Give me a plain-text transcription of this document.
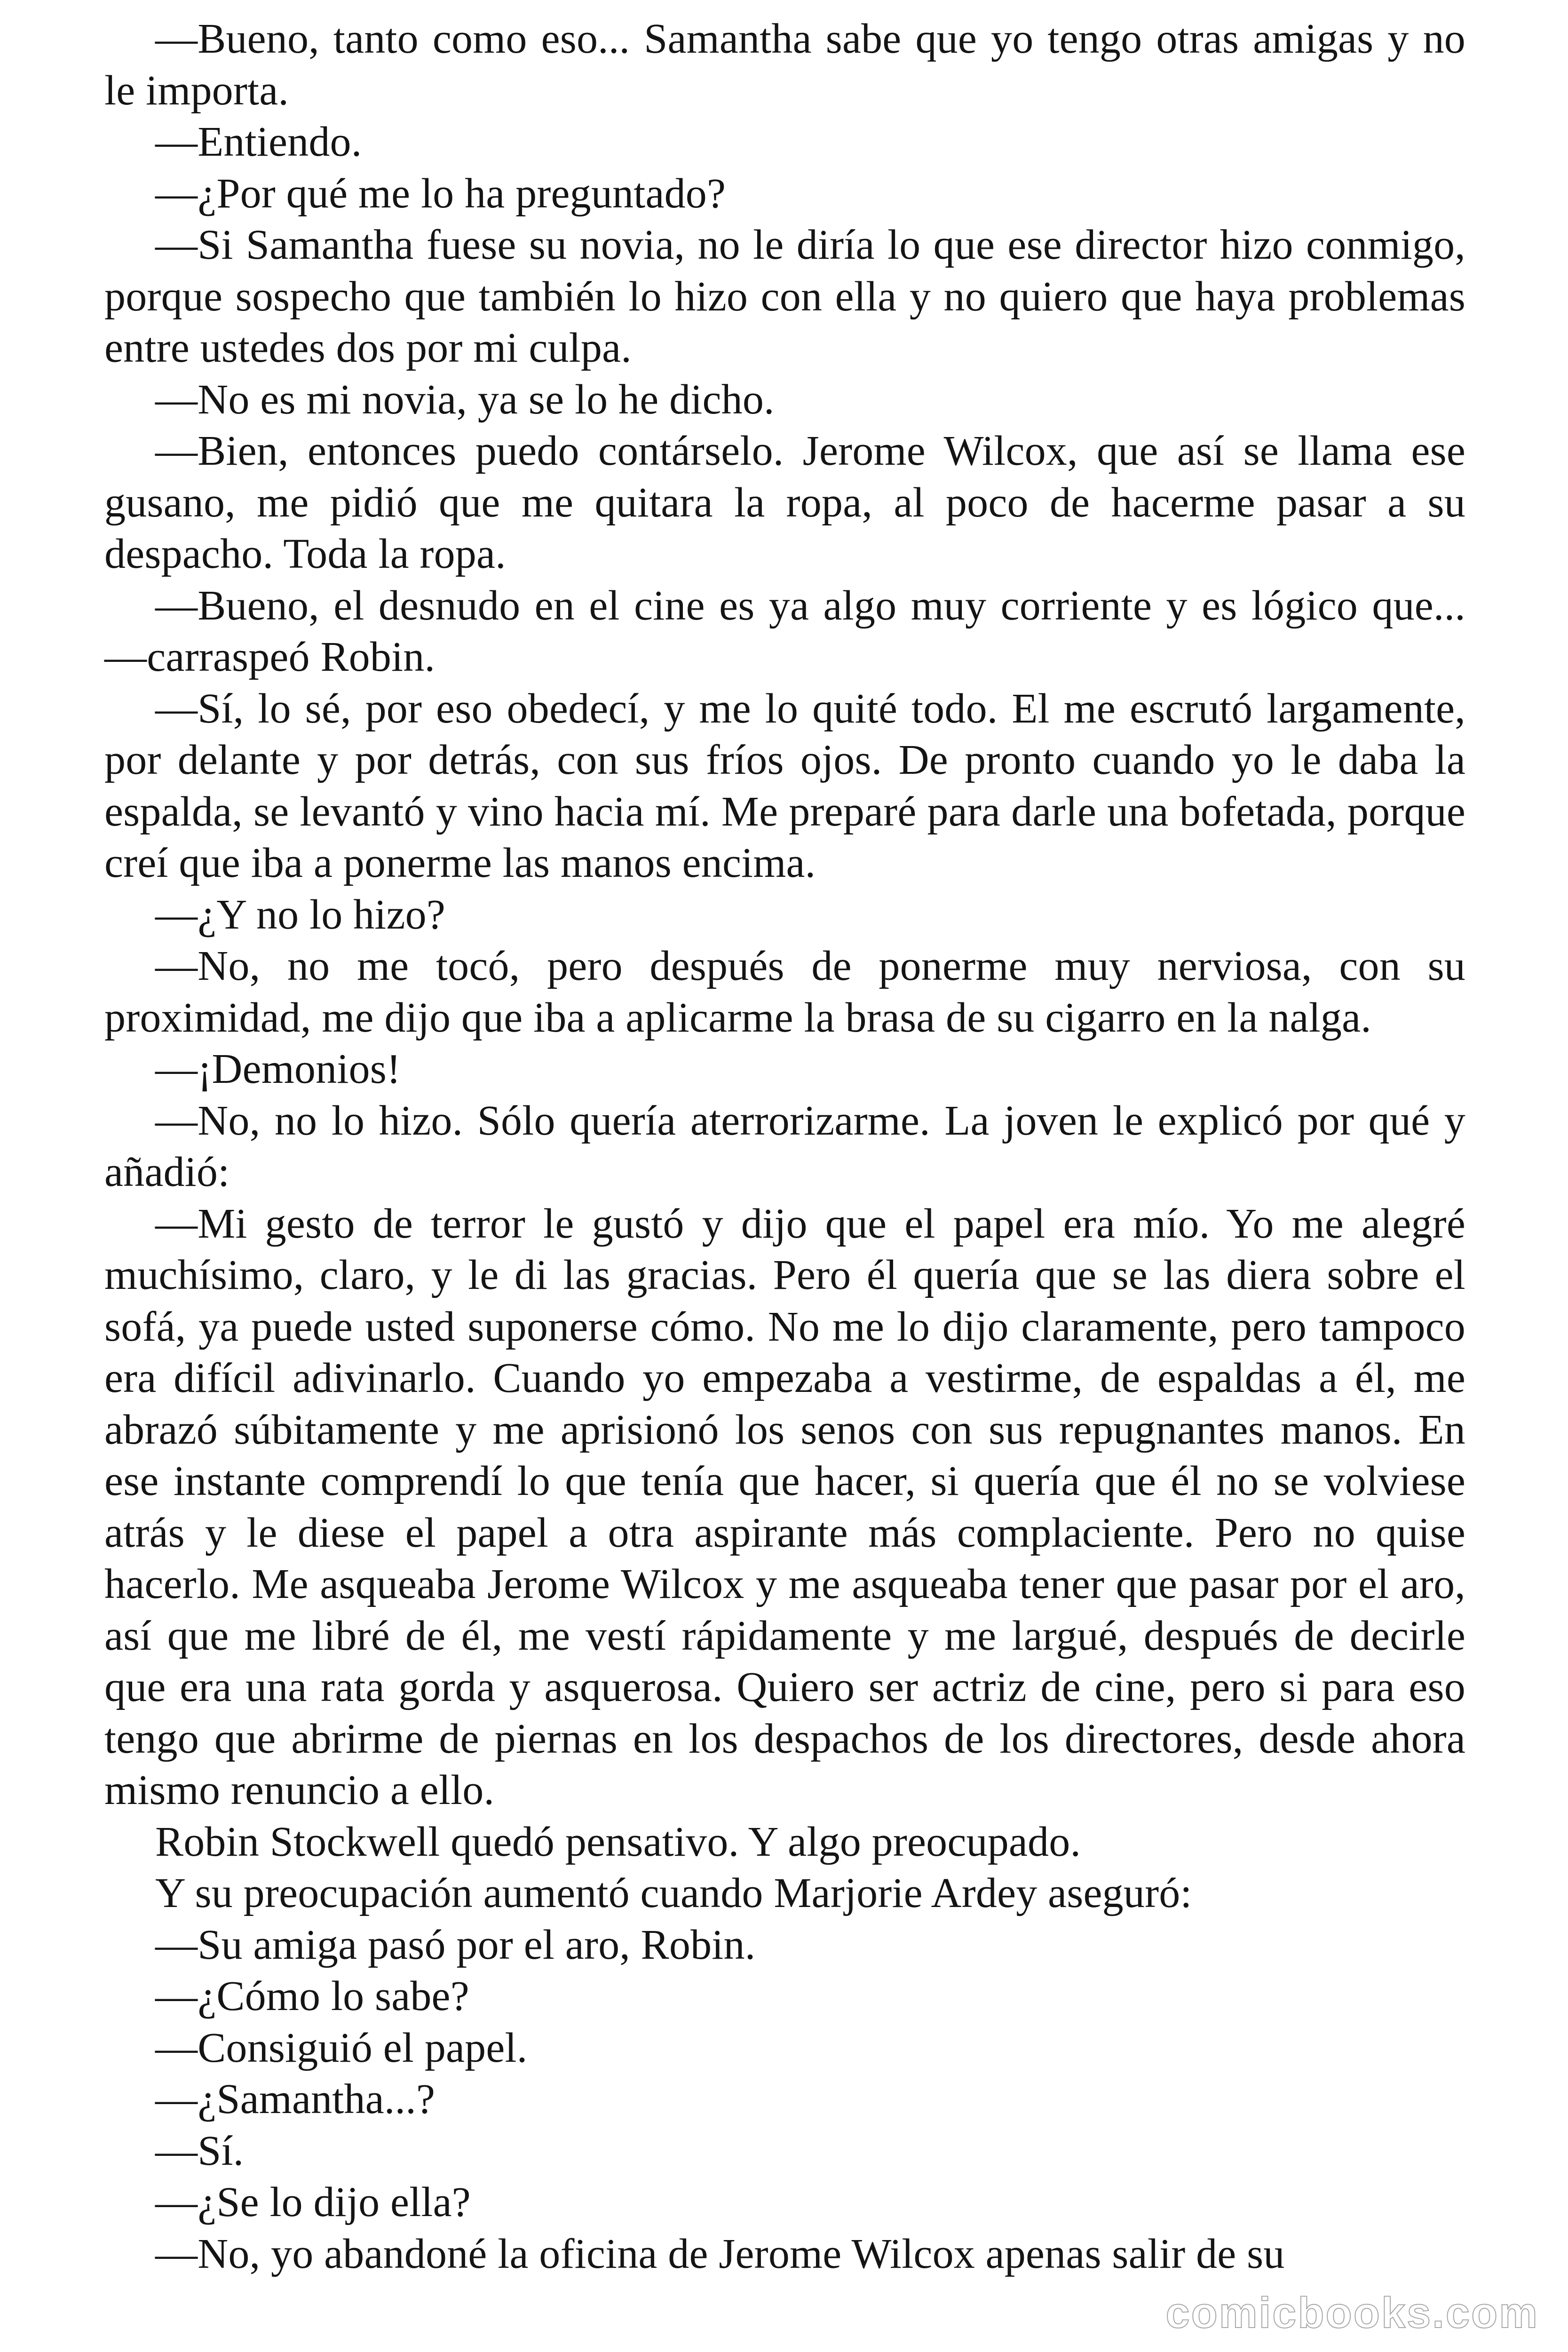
—Bueno, tanto como eso... Samantha sabe que yo tengo otras amigas y no le importa.

—Entiendo.

—¿Por qué me lo ha preguntado?

—Si Samantha fuese su novia, no le diría lo que ese director hizo conmigo, porque sospecho que también lo hizo con ella y no quiero que haya problemas entre ustedes dos por mi culpa.

—No es mi novia, ya se lo he dicho.

—Bien, entonces puedo contárselo. Jerome Wilcox, que así se llama ese gusano, me pidió que me quitara la ropa, al poco de hacerme pasar a su despacho. Toda la ropa.

—Bueno, el desnudo en el cine es ya algo muy corriente y es lógico que... —carraspeó Robin.

—Sí, lo sé, por eso obedecí, y me lo quité todo. El me escrutó largamente, por delante y por detrás, con sus fríos ojos. De pronto cuando yo le daba la espalda, se levantó y vino hacia mí. Me preparé para darle una bofetada, porque creí que iba a ponerme las manos encima.

—¿Y no lo hizo?

—No, no me tocó, pero después de ponerme muy nerviosa, con su proximidad, me dijo que iba a aplicarme la brasa de su cigarro en la nalga.

—¡Demonios!

—No, no lo hizo. Sólo quería aterrorizarme. La joven le explicó por qué y añadió:

—Mi gesto de terror le gustó y dijo que el papel era mío. Yo me alegré muchísimo, claro, y le di las gracias. Pero él quería que se las diera sobre el sofá, ya puede usted suponerse cómo. No me lo dijo claramente, pero tampoco era difícil adivinarlo. Cuando yo empezaba a vestirme, de espaldas a él, me abrazó súbitamente y me aprisionó los senos con sus repugnantes manos. En ese instante comprendí lo que tenía que hacer, si quería que él no se volviese atrás y le diese el papel a otra aspirante más complaciente. Pero no quise hacerlo. Me asqueaba Jerome Wilcox y me asqueaba tener que pasar por el aro, así que me libré de él, me vestí rápidamente y me largué, después de decirle que era una rata gorda y asquerosa. Quiero ser actriz de cine, pero si para eso tengo que abrirme de piernas en los despachos de los directores, desde ahora mismo renuncio a ello.

Robin Stockwell quedó pensativo. Y algo preocupado.

Y su preocupación aumentó cuando Marjorie Ardey aseguró:

—Su amiga pasó por el aro, Robin.

—¿Cómo lo sabe?

—Consiguió el papel.

—¿Samantha...?

—Sí.

—¿Se lo dijo ella?

—No, yo abandoné la oficina de Jerome Wilcox apenas salir de su

comicbooks.com
